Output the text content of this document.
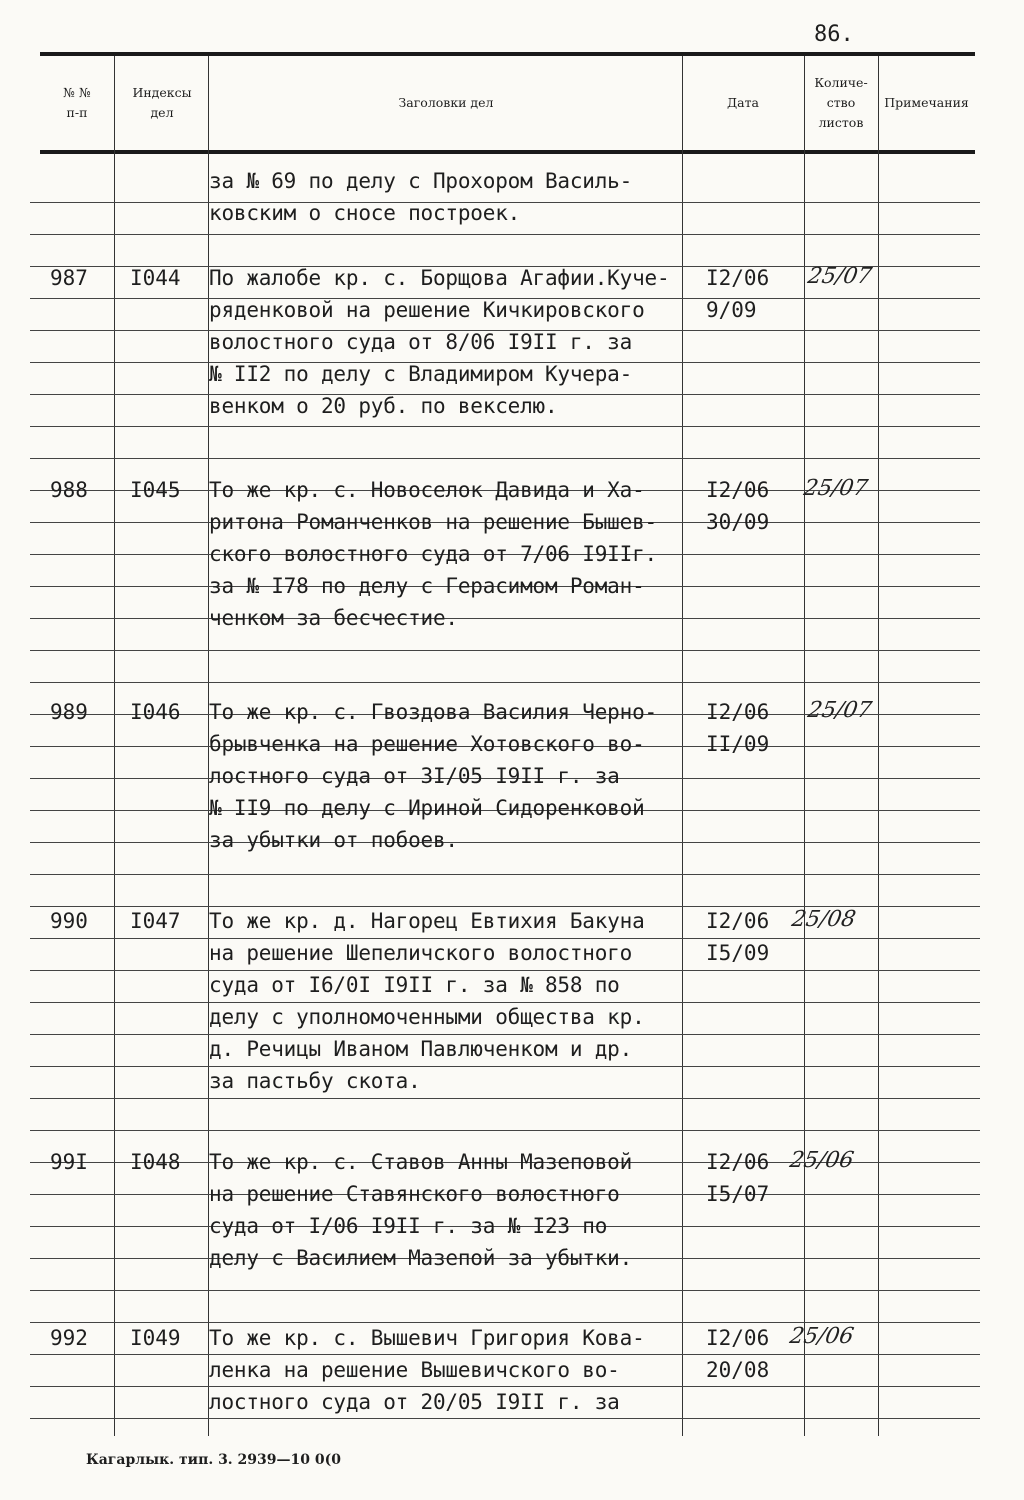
86.
№ №
п-п
Индексы
дел
Заголовки дел	Дата
Количе-
ство
листов
Примечания
за № 69 по делу с Прохором Василь-
ковским о сносе построек.
987 I044 По жалобе кр. с. Борщова Агафии.Куче-
ряденковой на решение Кичкировского
волостного суда от 8/06 I9II г. за
№ II2 по делу с Владимиром Кучера-
венком о 20 руб. по векселю.
I2/06
9/09
25/07
988 I045 То же кр. с. Новоселок Давида и Ха-
ритона Романченков на решение Бышев-
ского волостного суда от 7/06 I9IIг.
за № I78 по делу с Герасимом Роман-
ченком за бесчестие.
I2/06
30/09
25/07
989 I046 То же кр. с. Гвоздова Василия Черно-
брывченка на решение Хотовского во-
лостного суда от 3I/05 I9II г. за
№ II9 по делу с Ириной Сидоренковой
за убытки от побоев.
I2/06
II/09
25/07
990 I047 То же кр. д. Нагорец Евтихия Бакуна
на решение Шепеличского волостного
суда от I6/0I I9II г. за № 858 по
делу с уполномоченными общества кр.
д. Речицы Иваном Павлюченком и др.
за пастьбу скота.
I2/06
I5/09
25/08
99I I048 То же кр. с. Ставов Анны Мазеповой
на решение Ставянского волостного
суда от I/06 I9II г. за № I23 по
делу с Василием Мазепой за убытки.
I2/06
I5/07
25/06
992 I049 То же кр. с. Вышевич Григория Кова-
ленка на решение Вышевичского во-
лостного суда от 20/05 I9II г. за
I2/06
20/08
25/06
Кагарлык. тип. 3. 2939—10 0(0
